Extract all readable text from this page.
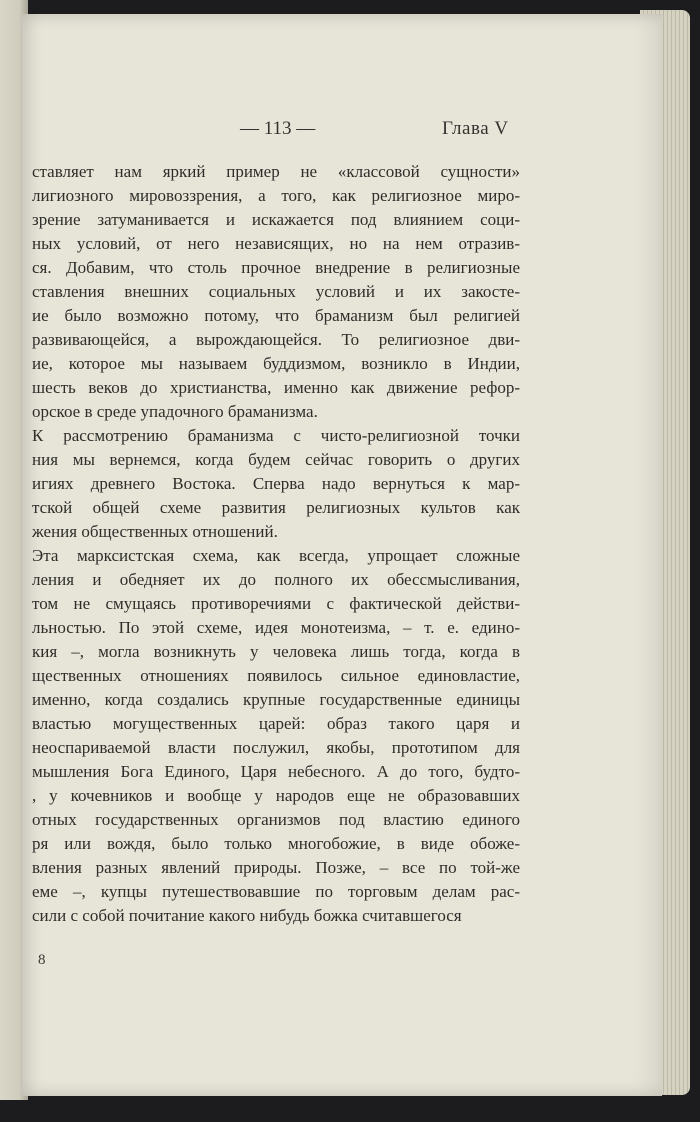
— 113 —	Глава V
ставляет нам яркий пример не «классовой сущности»
лигиозного мировоззрения, а того, как религиозное миро-
зрение затуманивается и искажается под влиянием соци-
ных условий, от него независящих, но на нем отразив-
ся. Добавим, что столь прочное внедрение в религиозные
ставления внешних социальных условий и их закосте-
ие было возможно потому, что браманизм был религией
развивающейся, а вырождающейся. То религиозное дви-
ие, которое мы называем буддизмом, возникло в Индии,
шесть веков до христианства, именно как движение рефор-
орское в среде упадочного браманизма.
К рассмотрению браманизма с чисто-религиозной точки
ния мы вернемся, когда будем сейчас говорить о других
игиях древнего Востока. Сперва надо вернуться к мар-
тской общей схеме развития религиозных культов как
жения общественных отношений.
Эта марксистская схема, как всегда, упрощает сложные
ления и обедняет их до полного их обессмысливания,
том не смущаясь противоречиями с фактической действи-
льностью. По этой схеме, идея монотеизма, – т. е. едино-
кия –, могла возникнуть у человека лишь тогда, когда в
щественных отношениях появилось сильное единовластие,
именно, когда создались крупные государственные единицы
властью могущественных царей: образ такого царя и
неоспариваемой власти послужил, якобы, прототипом для
мышления Бога Единого, Царя небесного. А до того, будто-
, у кочевников и вообще у народов еще не образовавших
отных государственных организмов под властию единого
ря или вождя, было только многобожие, в виде обоже-
вления разных явлений природы. Позже, – все по той-же
еме –, купцы путешествовавшие по торговым делам рас-
сили с собой почитание какого нибудь божка считавшегося
8
